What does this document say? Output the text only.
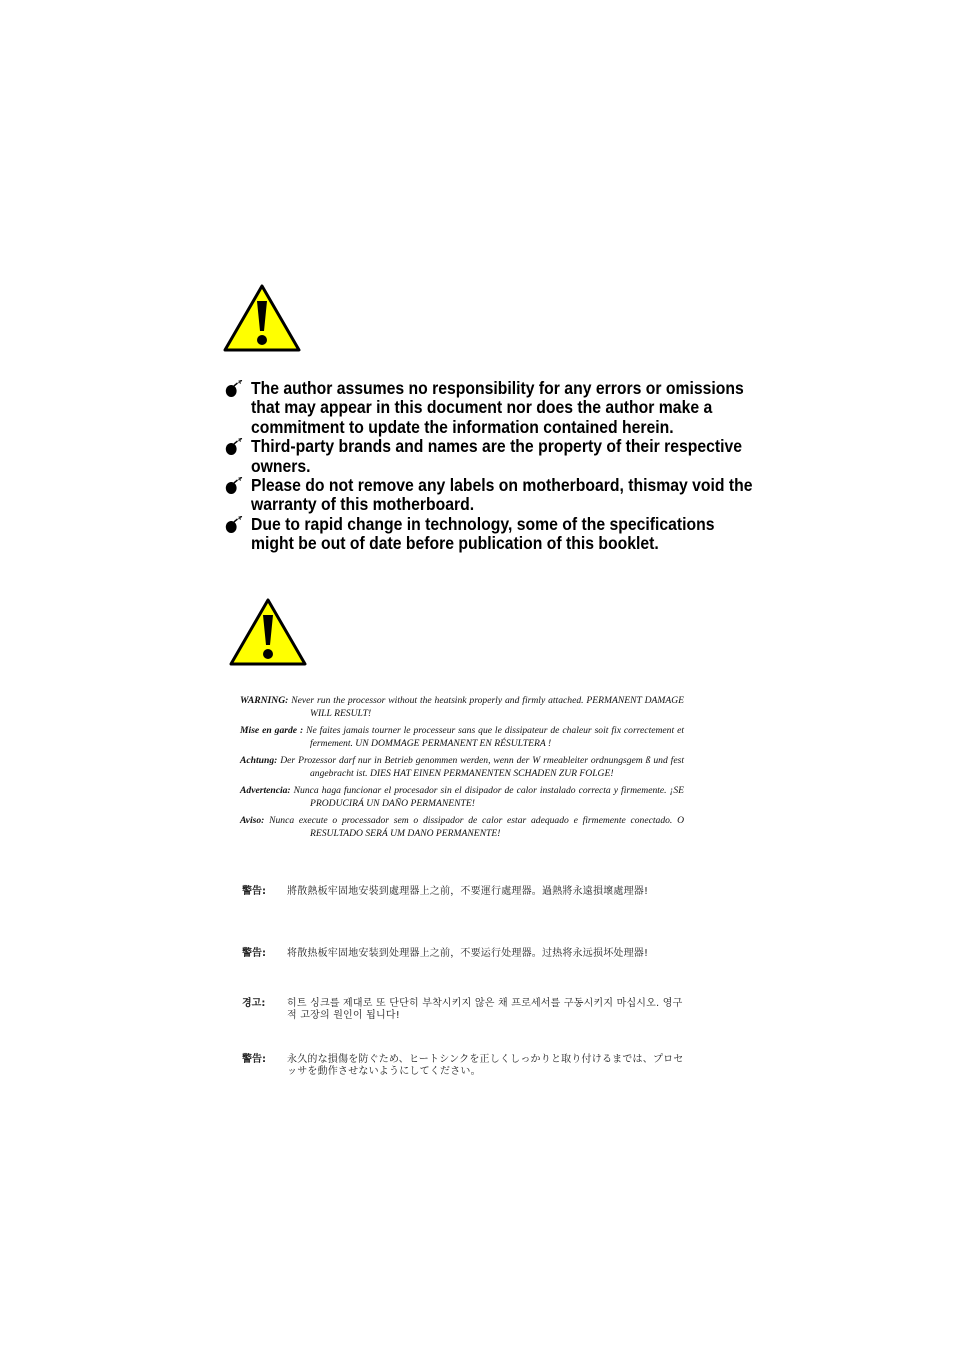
The author assumes no responsibility for any errors or omissions that may appear in this document nor does the author make a commitment to update the information contained herein.
Third-party brands and names are the property of their respective owners.
Please do not remove any labels on motherboard, thismay void the warranty of this motherboard.
Due to rapid change in technology, some of the specifications might be out of date before publication of this booklet.
WARNING: Never run the processor without the heatsink properly and firmly attached. PERMANENT DAMAGE WILL RESULT!
Mise en garde : Ne faites jamais tourner le processeur sans que le dissipateur de chaleur soit fix correctement et fermement. UN DOMMAGE PERMANENT EN RÉSULTERA !
Achtung: Der Prozessor darf nur in Betrieb genommen werden, wenn der W rmeableiter ordnungsgem ß und fest angebracht ist. DIES HAT EINEN PERMANENTEN SCHADEN ZUR FOLGE!
Advertencia: Nunca haga funcionar el procesador sin el disipador de calor instalado correcta y firmemente. ¡SE PRODUCIRÁ UN DAÑO PERMANENTE!
Aviso: Nunca execute o processador sem o dissipador de calor estar adequado e firmemente conectado. O RESULTADO SERÁ UM DANO PERMANENTE!
警告: 將散熱板牢固地安裝到處理器上之前，不要運行處理器。過熱將永遠損壞處理器!
警告: 将散热板牢固地安装到处理器上之前，不要运行处理器。过热将永远损坏处理器!
경고: 히트 싱크를 제대로 또 단단히 부착시키지 않은 채 프로세서를 구동시키지 마십시오. 영구적 고장의 원인이 됩니다!
警告: 永久的な損傷を防ぐため、ヒートシンクを正しくしっかりと取り付けるまでは、プロセッサを動作させないようにしてください。
